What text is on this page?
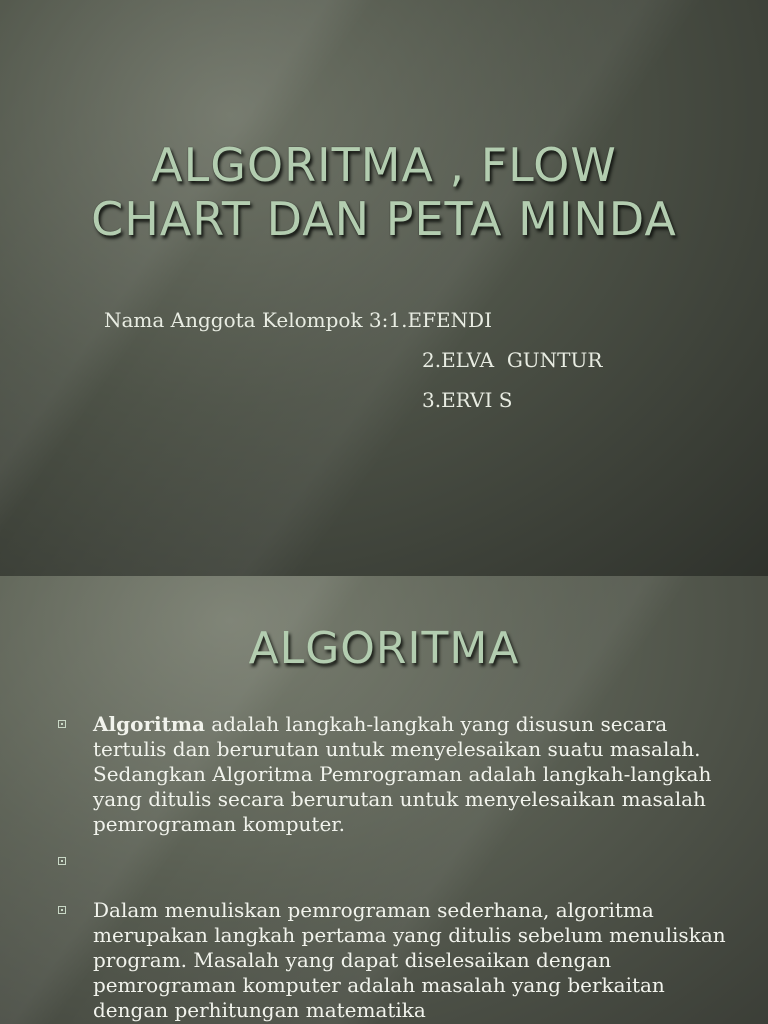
ALGORITMA , FLOW
CHART DAN PETA MINDA
Nama Anggota Kelompok 3:1.EFENDI
2.ELVA  GUNTUR
3.ERVI S
ALGORITMA
Algoritma adalah langkah-langkah yang disusun secara tertulis dan berurutan untuk menyelesaikan suatu masalah. Sedangkan Algoritma Pemrograman adalah langkah-langkah yang ditulis secara berurutan untuk menyelesaikan masalah pemrograman komputer.
Dalam menuliskan pemrograman sederhana, algoritma merupakan langkah pertama yang ditulis sebelum menuliskan program. Masalah yang dapat diselesaikan dengan pemrograman komputer adalah masalah yang berkaitan dengan perhitungan matematika
